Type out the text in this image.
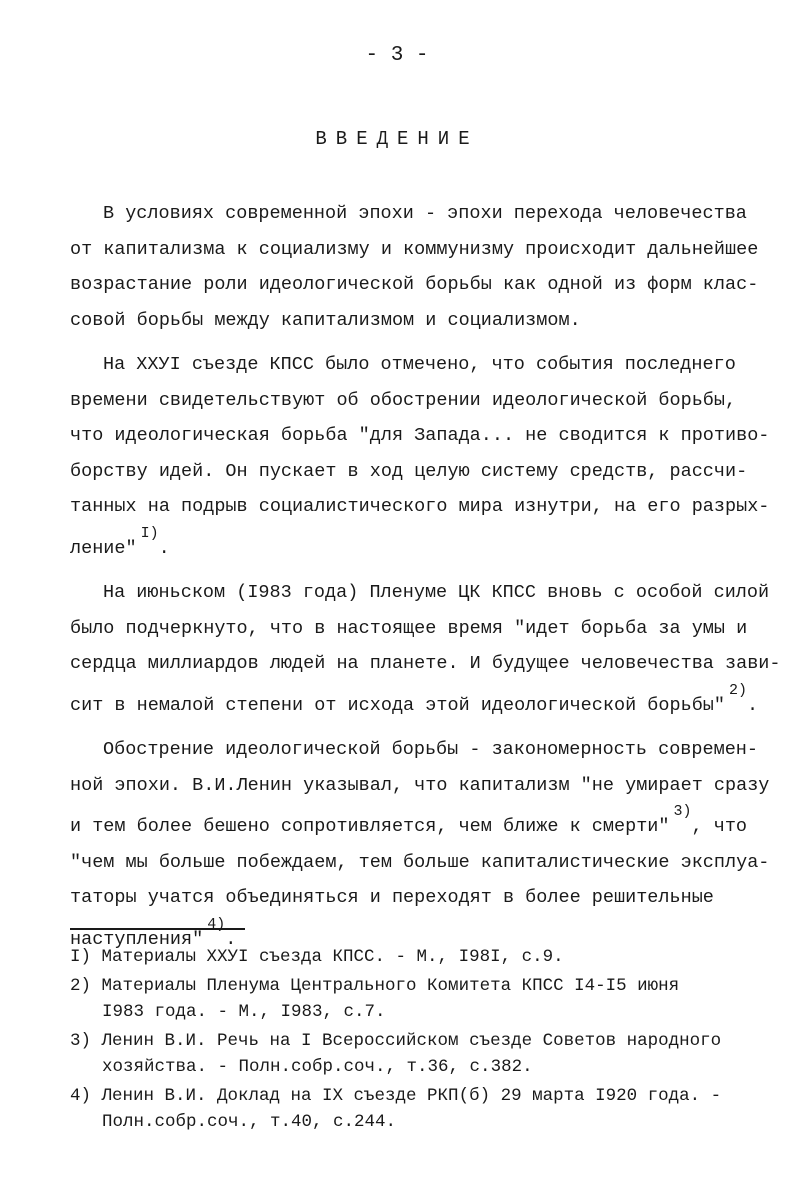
- 3 -
ВВЕДЕНИЕ
В условиях современной эпохи - эпохи перехода человечества
от капитализма к социализму и коммунизму происходит дальнейшее
возрастание роли идеологической борьбы как одной из форм клас-
совой борьбы между капитализмом и социализмом.
На ХХУI съезде КПСС было отмечено, что события последнего
времени свидетельствуют об обострении идеологической борьбы,
что идеологическая борьба "для Запада... не сводится к противо-
борству идей. Он пускает в ход целую систему средств, рассчи-
танных на подрыв социалистического мира изнутри, на его разрых-
ление"$^{I)}$.
На июньском (I983 года) Пленуме ЦК КПСС вновь с особой силой
было подчеркнуто, что в настоящее время "идет борьба за умы и
сердца миллиардов людей на планете. И будущее человечества зави-
сит в немалой степени от исхода этой идеологической борьбы"$^{2)}$.
Обострение идеологической борьбы - закономерность современ-
ной эпохи. В.И.Ленин указывал, что капитализм "не умирает сразу
и тем более бешено сопротивляется, чем ближе к смерти"$^{3)}$, что
"чем мы больше побеждаем, тем больше капиталистические эксплуа-
таторы учатся объединяться и переходят в более решительные
наступления"$^{4)}$.
I) Материалы ХХУI съезда КПСС. - М., I98I, с.9.
2) Материалы Пленума Центрального Комитета КПСС I4-I5 июня
I983 года. - М., I983, с.7.
3) Ленин В.И. Речь на I Всероссийском съезде Советов народного
хозяйства. - Полн.собр.соч., т.36, с.382.
4) Ленин В.И. Доклад на IX съезде РКП(б) 29 марта I920 года. -
Полн.собр.соч., т.40, с.244.
